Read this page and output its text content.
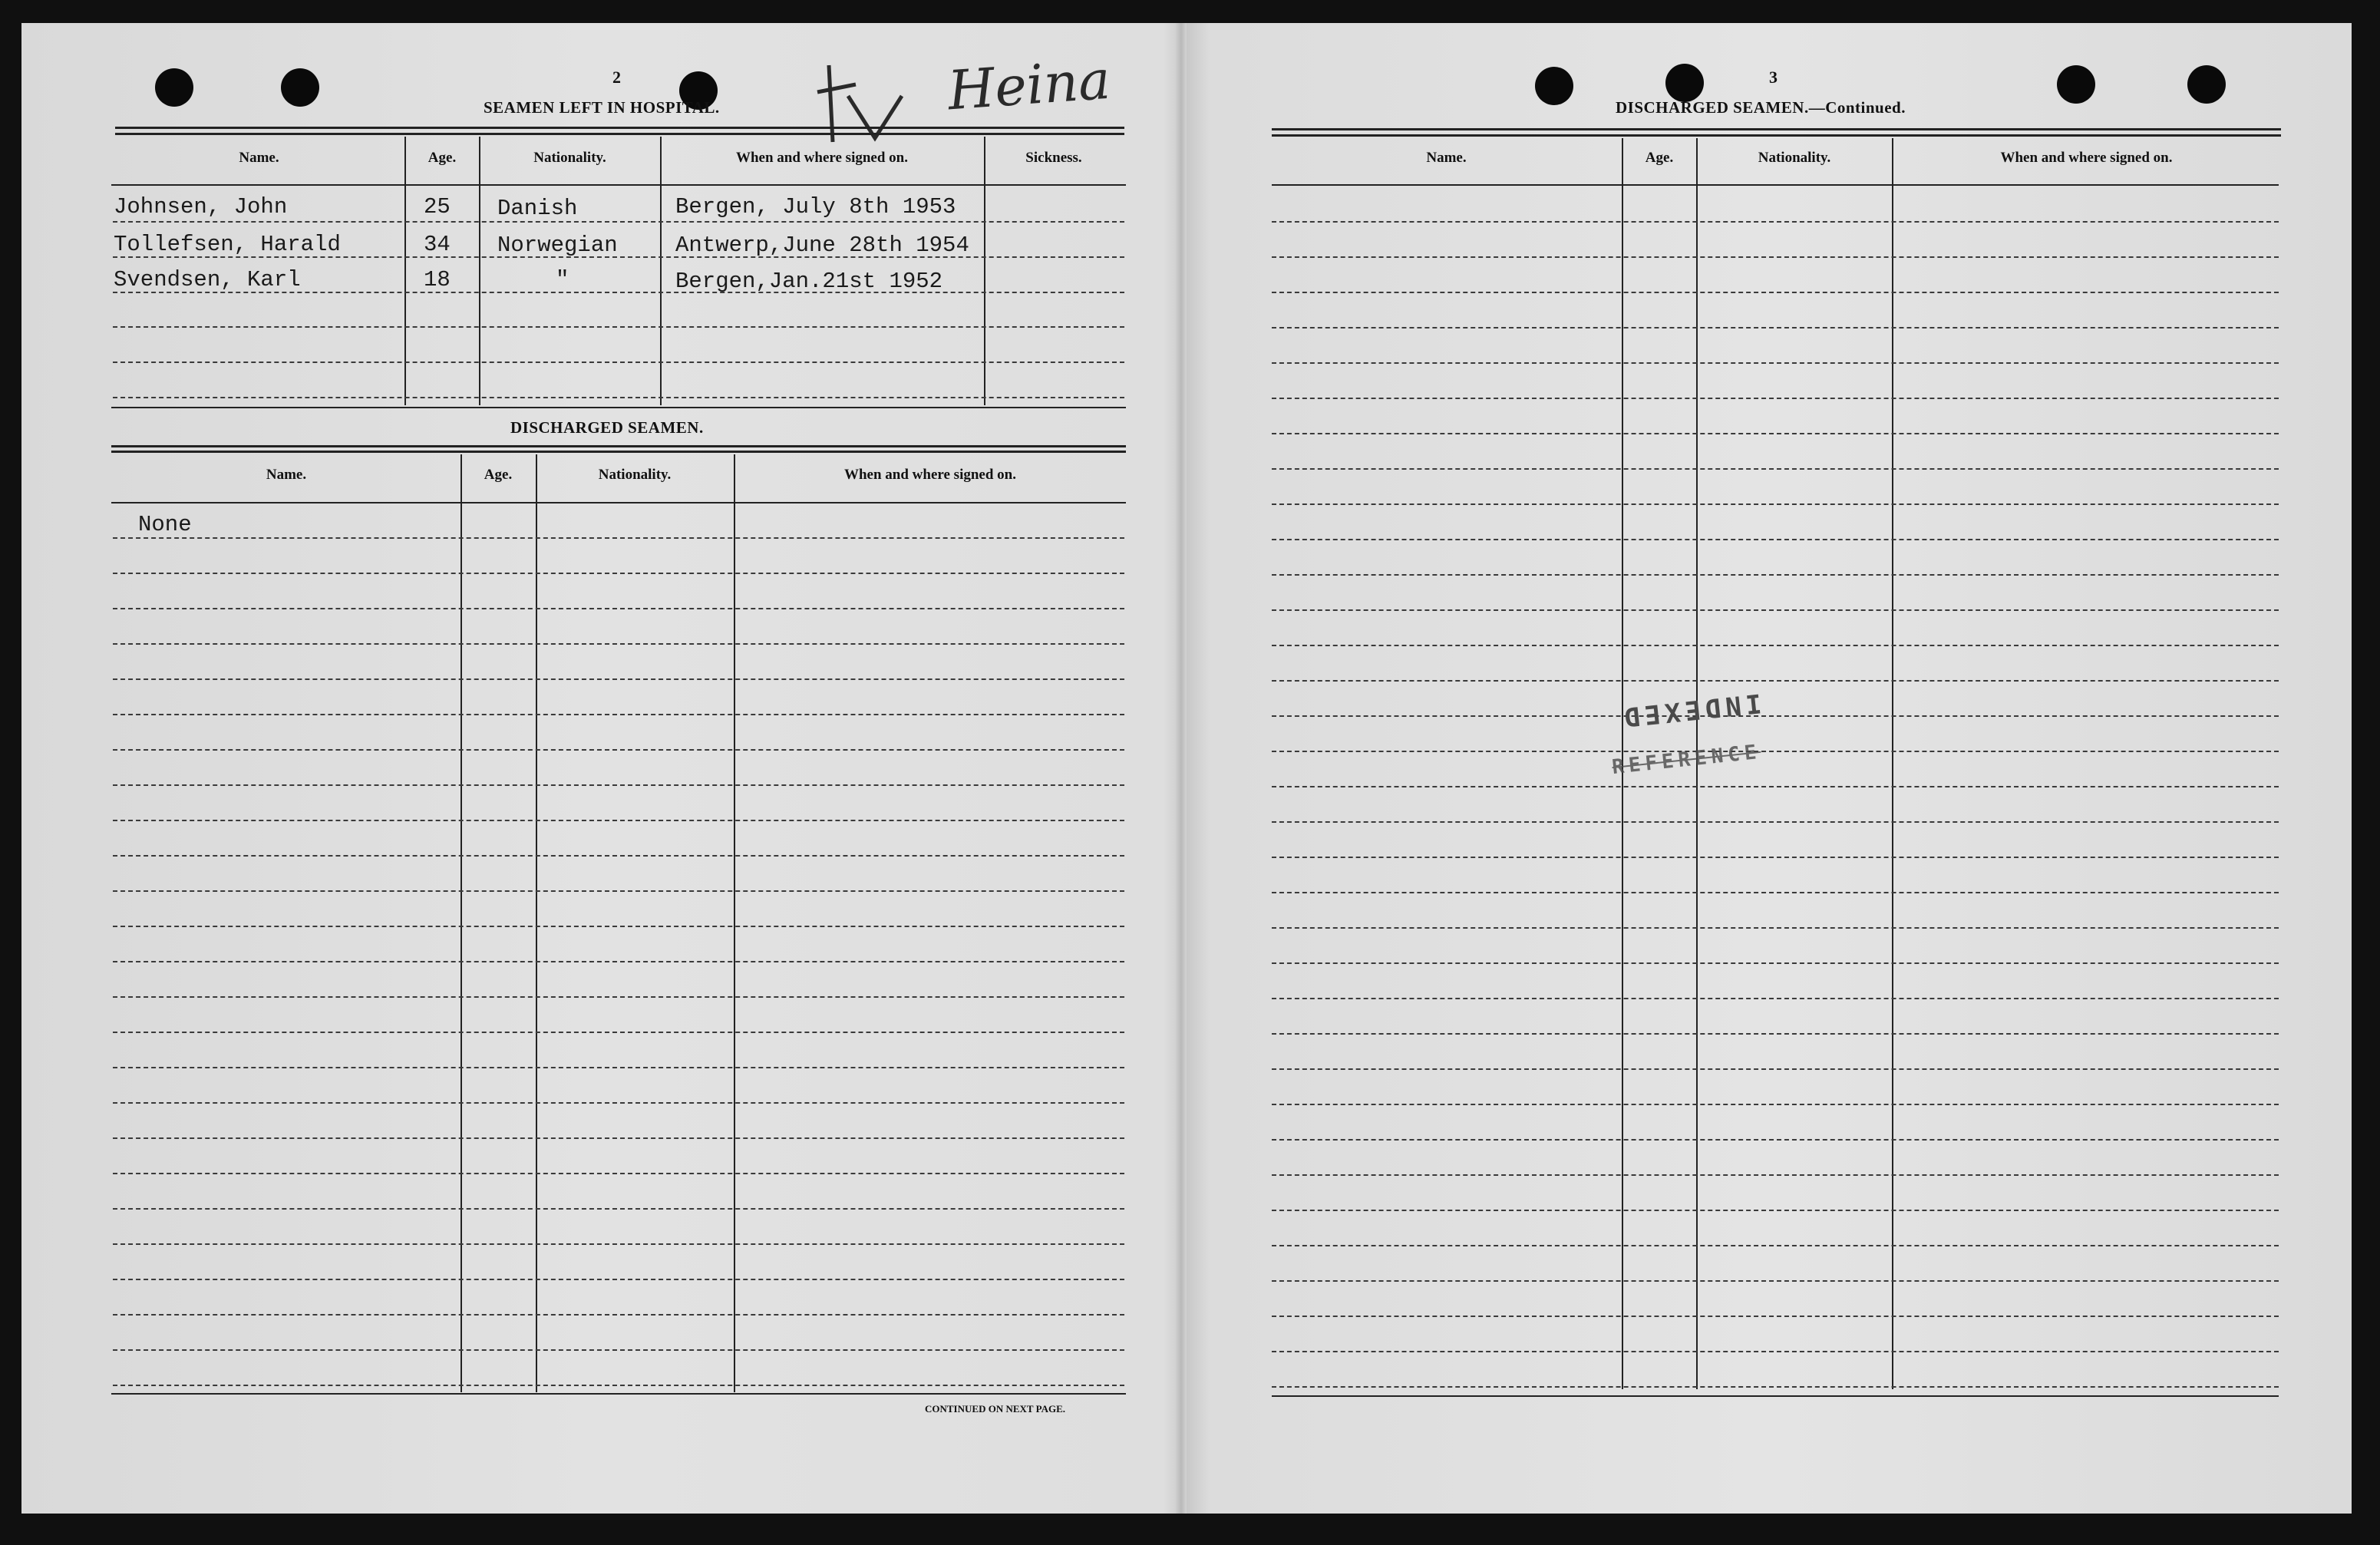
2
SEAMEN LEFT IN HOSPITAL.	Heina
Name.	Age.	Nationality.	When and where signed on.	Sickness.
Johnsen, John	25 Danish	Bergen, July 8th 1953
Tollefsen, Harald	34 Norwegian	Antwerp,June 28th 1954
Svendsen, Karl	18	"	Bergen,Jan.21st 1952
DISCHARGED SEAMEN.
Name.	Age.	Nationality.	When and where signed on.
None
CONTINUED ON NEXT PAGE.
3
DISCHARGED SEAMEN.—Continued.
Name.	Age.	Nationality.	When and where signed on.
INDEXED
REFERENCE
